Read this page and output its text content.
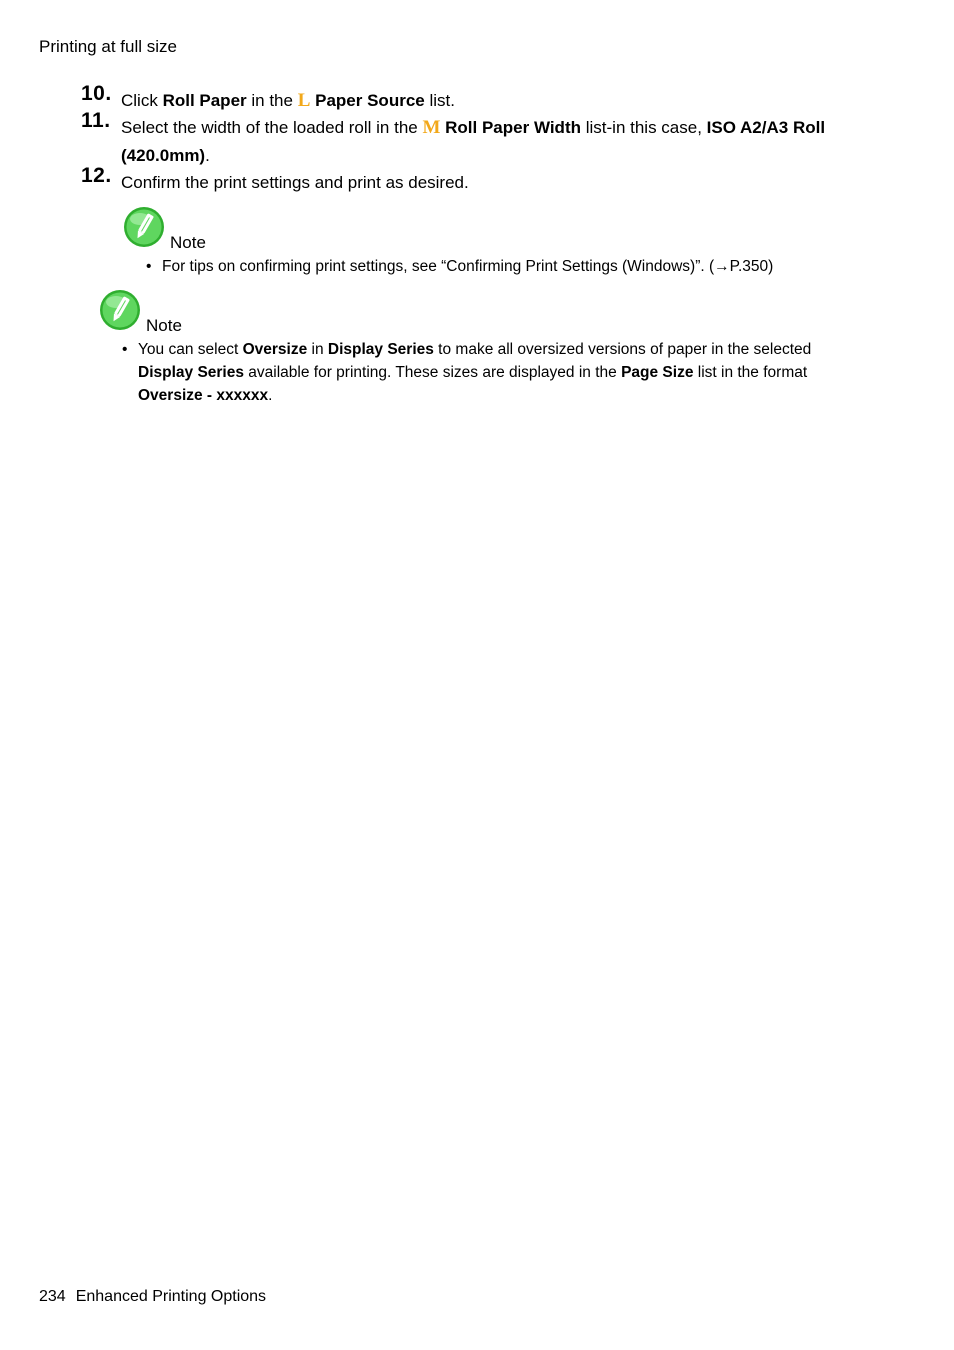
Printing at full size
10. Click Roll Paper in the L Paper Source list.
11. Select the width of the loaded roll in the M Roll Paper Width list-in this case, ISO A2/A3 Roll (420.0mm).
12. Confirm the print settings and print as desired.
Note
• For tips on confirming print settings, see “Confirming Print Settings (Windows)”. (→P.350)
Note
• You can select Oversize in Display Series to make all oversized versions of paper in the selected Display Series available for printing. These sizes are displayed in the Page Size list in the format Oversize - xxxxxx.
234 Enhanced Printing Options
